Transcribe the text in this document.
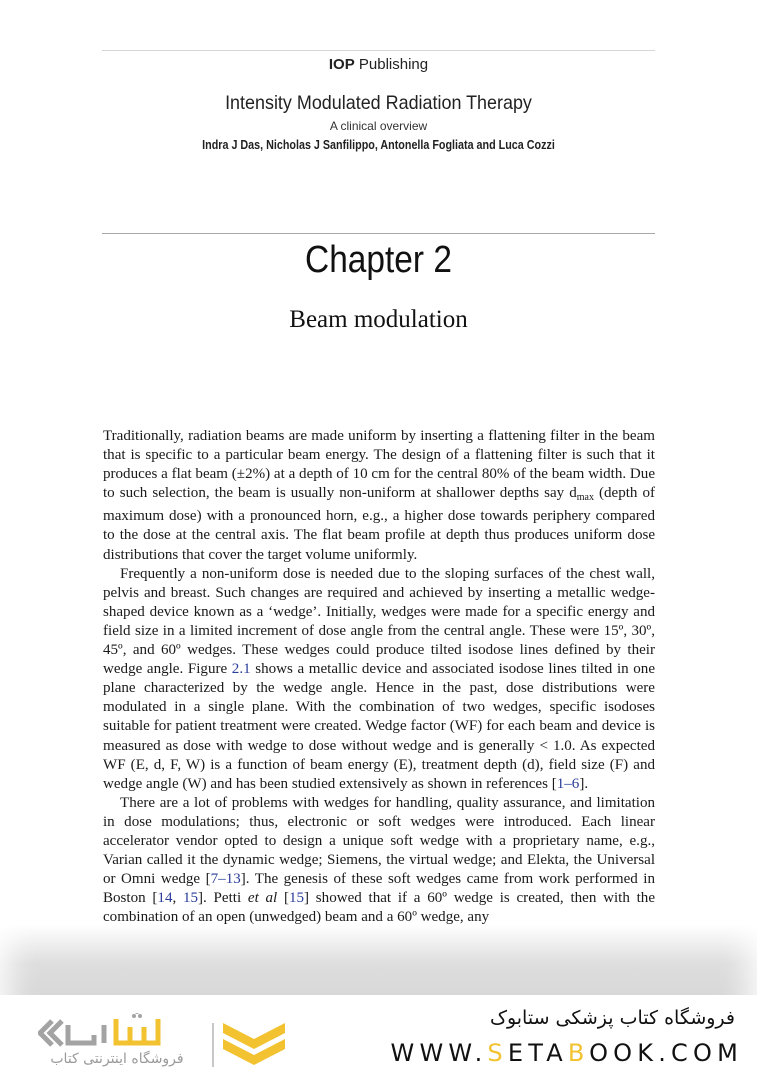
IOP Publishing
Intensity Modulated Radiation Therapy
A clinical overview
Indra J Das, Nicholas J Sanfilippo, Antonella Fogliata and Luca Cozzi
Chapter 2
Beam modulation

Traditionally, radiation beams are made uniform by inserting a flattening filter in the beam that is specific to a particular beam energy. The design of a flattening filter is such that it produces a flat beam (±2%) at a depth of 10 cm for the central 80% of the beam width. Due to such selection, the beam is usually non-uniform at shallower depths say $d_{max}$ (depth of maximum dose) with a pronounced horn, e.g., a higher dose towards periphery compared to the dose at the central axis. The flat beam profile at depth thus produces uniform dose distributions that cover the target volume uniformly.

Frequently a non-uniform dose is needed due to the sloping surfaces of the chest wall, pelvis and breast. Such changes are required and achieved by inserting a metallic wedge-shaped device known as a ‘wedge’. Initially, wedges were made for a specific energy and field size in a limited increment of dose angle from the central angle. These were 15º, 30º, 45º, and 60º wedges. These wedges could produce tilted isodose lines defined by their wedge angle. Figure 2.1 shows a metallic device and associated isodose lines tilted in one plane characterized by the wedge angle. Hence in the past, dose distributions were modulated in a single plane. With the combination of two wedges, specific isodoses suitable for patient treatment were created. Wedge factor (WF) for each beam and device is measured as dose with wedge to dose without wedge and is generally < 1.0. As expected WF (E, d, F, W) is a function of beam energy (E), treatment depth (d), field size (F) and wedge angle (W) and has been studied extensively as shown in references [1–6].

There are a lot of problems with wedges for handling, quality assurance, and limitation in dose modulations; thus, electronic or soft wedges were introduced. Each linear accelerator vendor opted to design a unique soft wedge with a proprietary name, e.g., Varian called it the dynamic wedge; Siemens, the virtual wedge; and Elekta, the Universal or Omni wedge [7–13]. The genesis of these soft wedges came from work performed in Boston [14, 15]. Petti et al [15] showed that if a 60º wedge is created, then with the combination of an open (unwedged) beam and a 60º wedge, any

فروشگاه اینترنتی کتاب
فروشگاه کتاب پزشکی ستابوک
WWW.SETABOOK.COM
